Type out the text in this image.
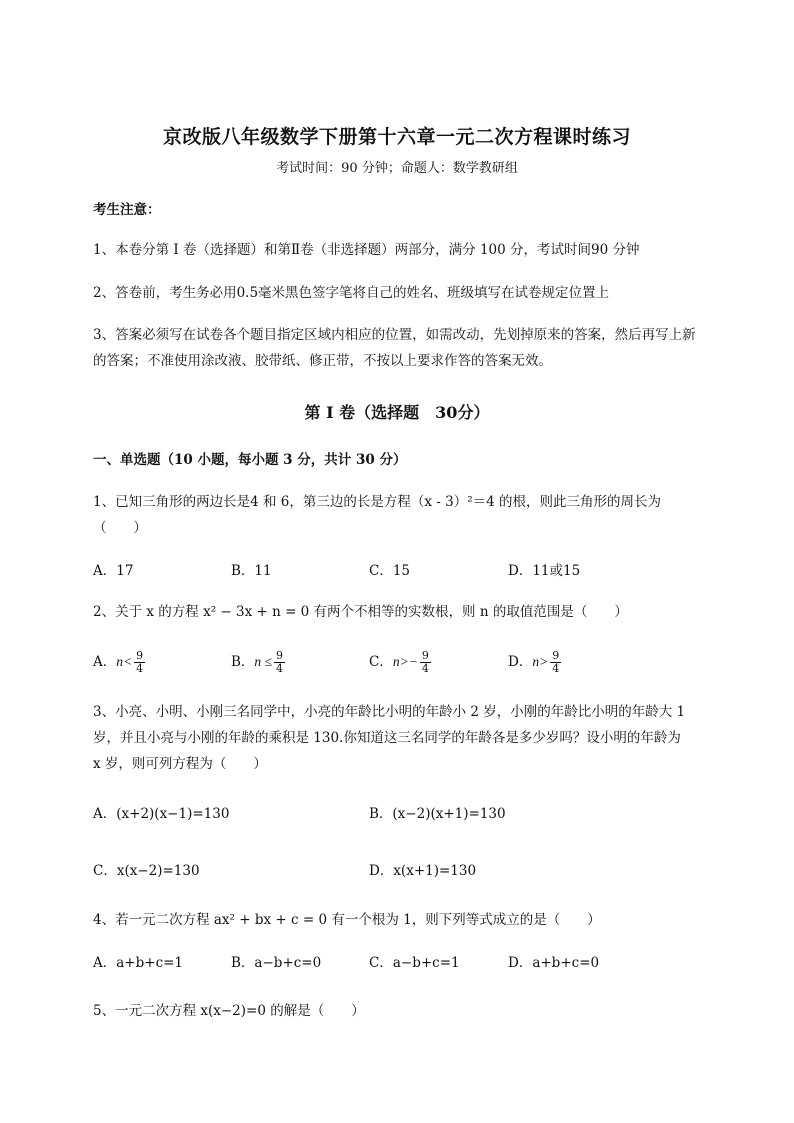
京改版八年级数学下册第十六章一元二次方程课时练习
考试时间：90 分钟；命题人：数学教研组
考生注意：
1、本卷分第 I 卷（选择题）和第Ⅱ卷（非选择题）两部分，满分 100 分，考试时间90 分钟
2、答卷前，考生务必用0.5毫米黑色签字笔将自己的姓名、班级填写在试卷规定位置上
3、答案必须写在试卷各个题目指定区域内相应的位置，如需改动，先划掉原来的答案，然后再写上新
的答案；不准使用涂改液、胶带纸、修正带，不按以上要求作答的答案无效。
第 I 卷（选择题　30分）
一、单选题（10 小题，每小题 3 分，共计 30 分）
1、已知三角形的两边长是4 和 6，第三边的长是方程（x - 3）²＝4 的根，则此三角形的周长为
（　　）
A．17	B．11	C．15	D．11或15
2、关于 x 的方程 x² − 3x + n = 0 有两个不相等的实数根，则 n 的取值范围是（　　）
A．$n< \frac{9}{4}$	B．$n \le \frac{9}{4}$	C．$n>- \frac{9}{4}$	D．$n> \frac{9}{4}$
3、小亮、小明、小刚三名同学中，小亮的年龄比小明的年龄小 2 岁，小刚的年龄比小明的年龄大 1
岁，并且小亮与小刚的年龄的乘积是 130.你知道这三名同学的年龄各是多少岁吗？设小明的年龄为
x 岁，则可列方程为（　　）
A．(x+2)(x−1)=130	B．(x−2)(x+1)=130
C．x(x−2)=130	D．x(x+1)=130
4、若一元二次方程 ax² + bx + c = 0 有一个根为 1，则下列等式成立的是（　　）
A．a+b+c=1	B．a−b+c=0	C．a−b+c=1	D．a+b+c=0
5、一元二次方程 x(x−2)=0 的解是（　　）
